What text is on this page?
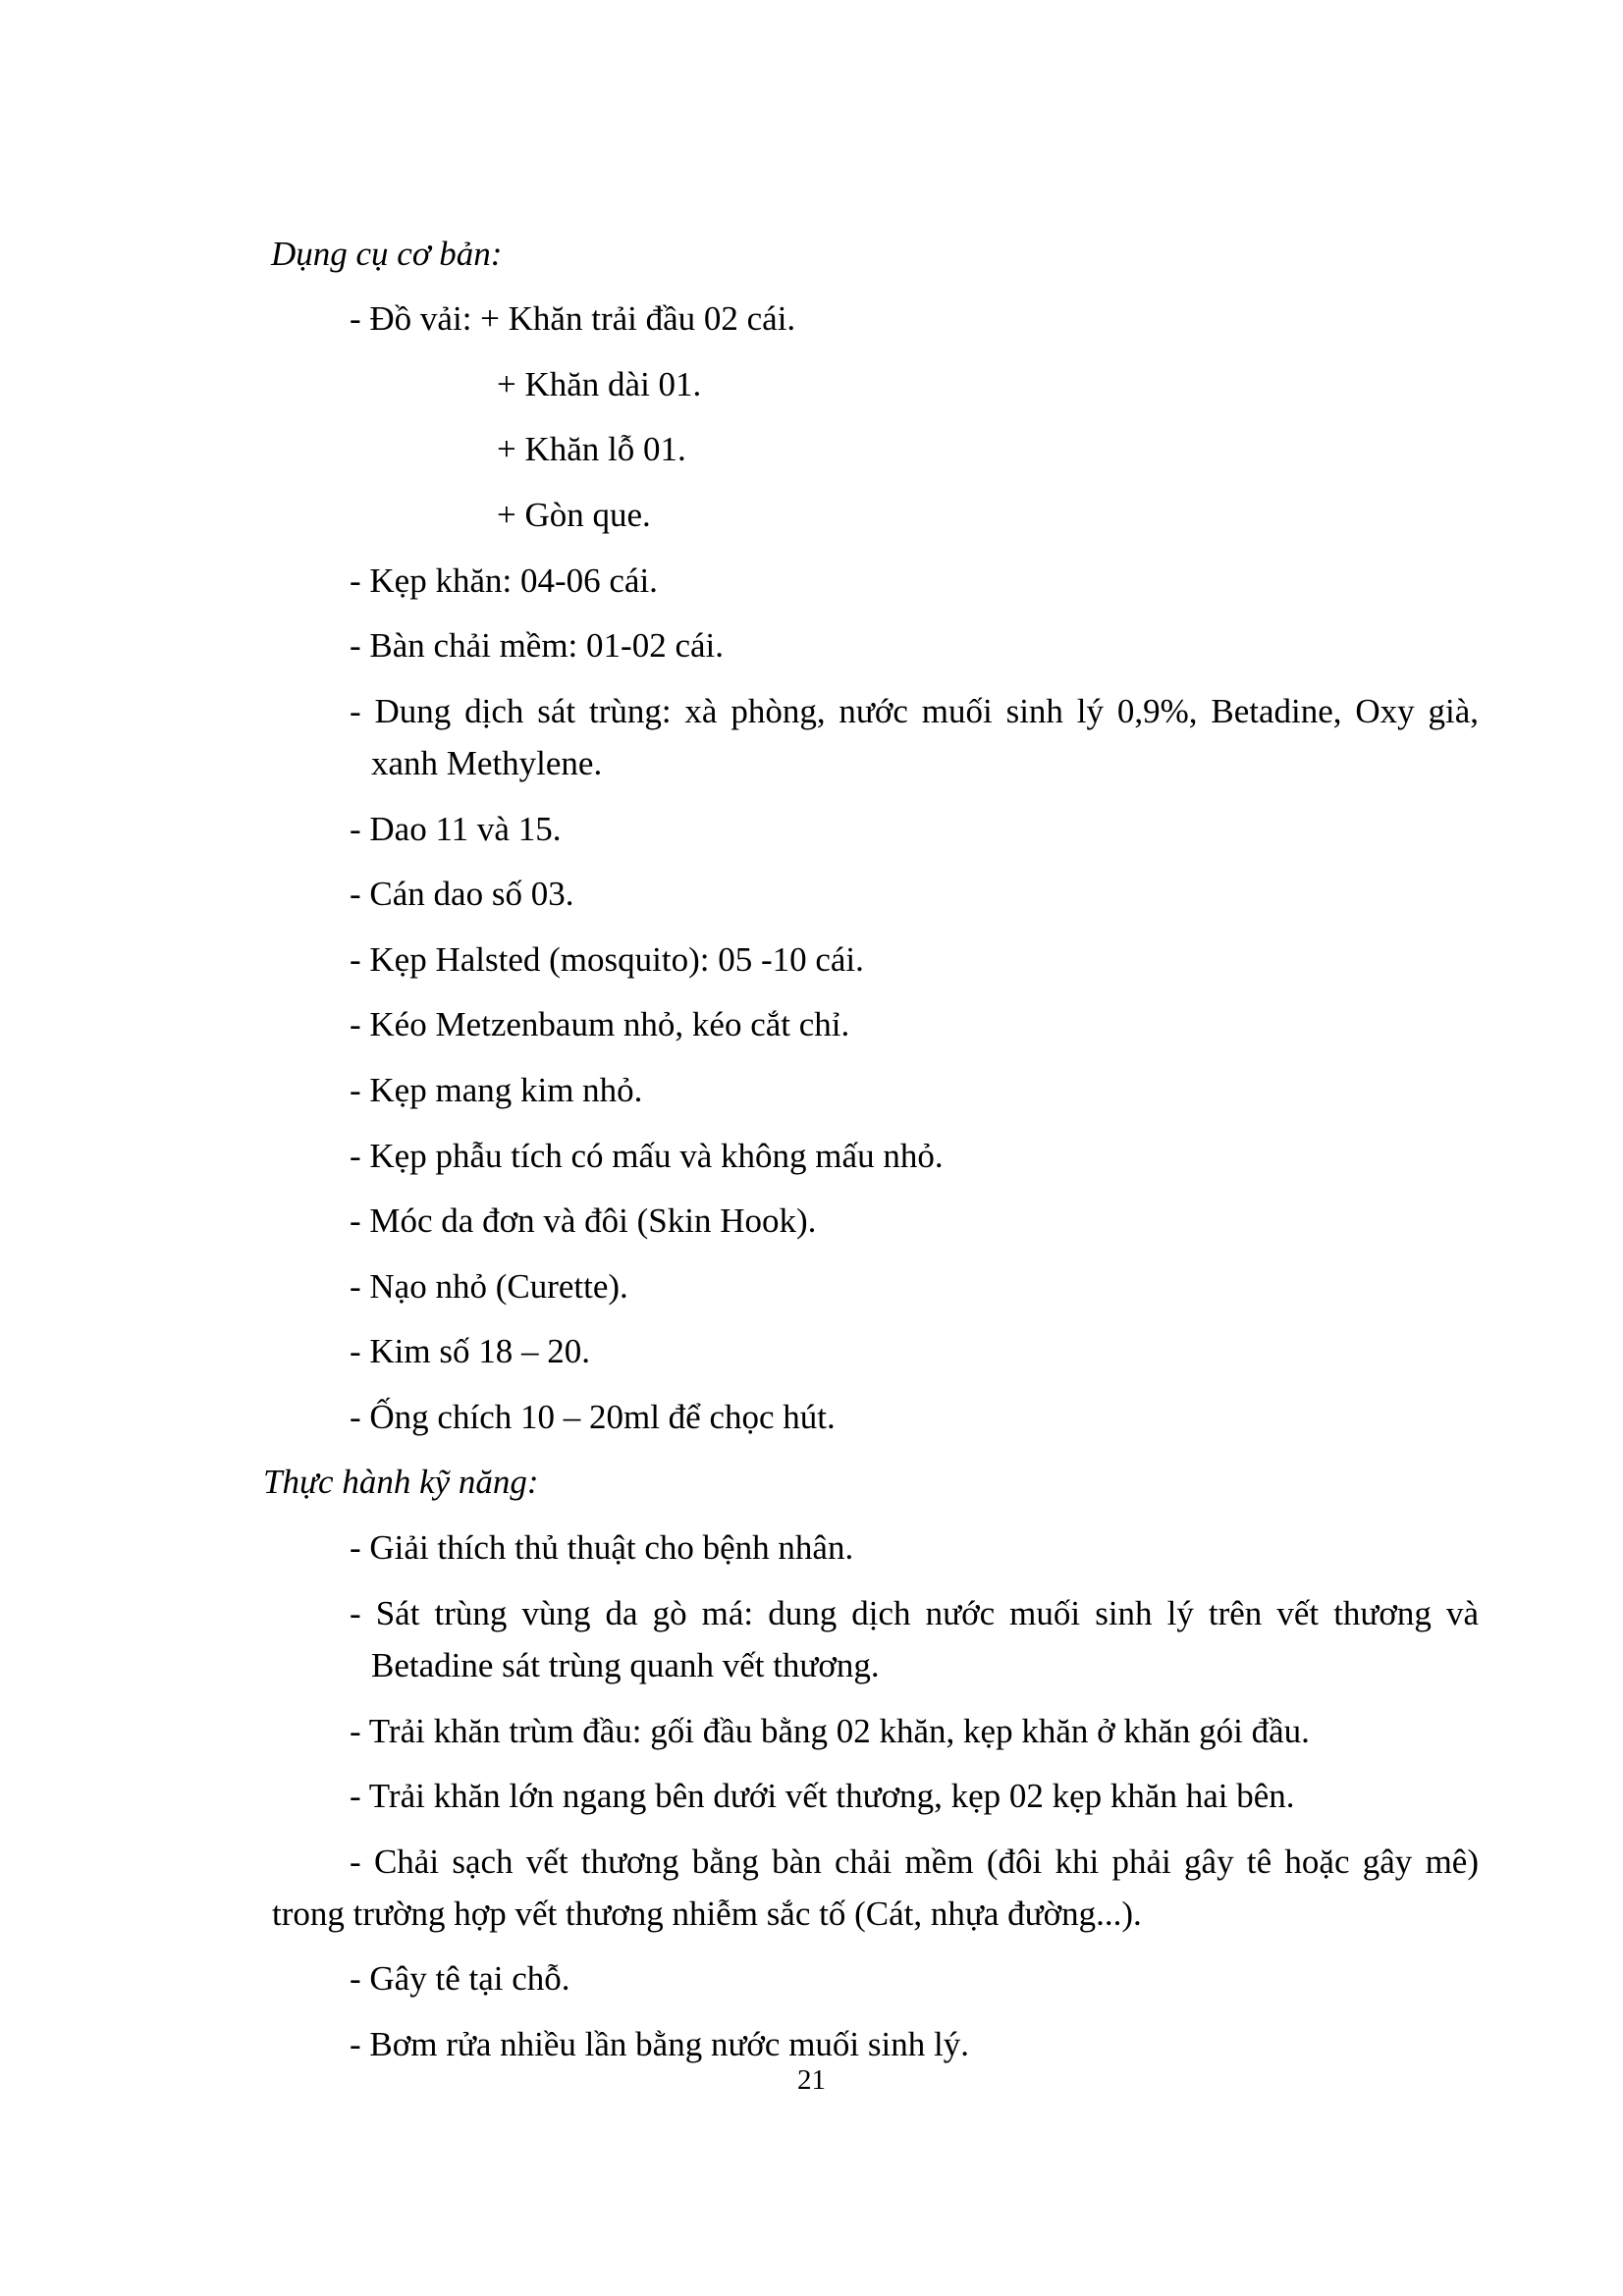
Dụng cụ cơ bản:
- Đồ vải: + Khăn trải đầu 02 cái.
+ Khăn dài 01.
+ Khăn lỗ 01.
+ Gòn que.
- Kẹp khăn: 04-06 cái.
- Bàn chải mềm: 01-02 cái.
- Dung dịch sát trùng: xà phòng, nước muối sinh lý 0,9%, Betadine, Oxy già,
xanh Methylene.
- Dao 11 và 15.
- Cán dao số 03.
- Kẹp Halsted (mosquito): 05 -10 cái.
- Kéo Metzenbaum nhỏ, kéo cắt chỉ.
- Kẹp mang kim nhỏ.
- Kẹp phẫu tích có mấu và không mấu nhỏ.
- Móc da đơn và đôi (Skin Hook).
- Nạo nhỏ (Curette).
- Kim số 18 – 20.
- Ống chích 10 – 20ml để chọc hút.
Thực hành kỹ năng:
- Giải thích thủ thuật cho bệnh nhân.
- Sát trùng vùng da gò má: dung dịch nước muối sinh lý trên vết thương và
Betadine sát trùng quanh vết thương.
- Trải khăn trùm đầu: gối đầu bằng 02 khăn, kẹp khăn ở khăn gói đầu.
- Trải khăn lớn ngang bên dưới vết thương, kẹp 02 kẹp khăn hai bên.
- Chải sạch vết thương bằng bàn chải mềm (đôi khi phải gây tê hoặc gây mê)
trong trường hợp vết thương nhiễm sắc tố (Cát, nhựa đường...).
- Gây tê tại chỗ.
- Bơm rửa nhiều lần bằng nước muối sinh lý.
21
